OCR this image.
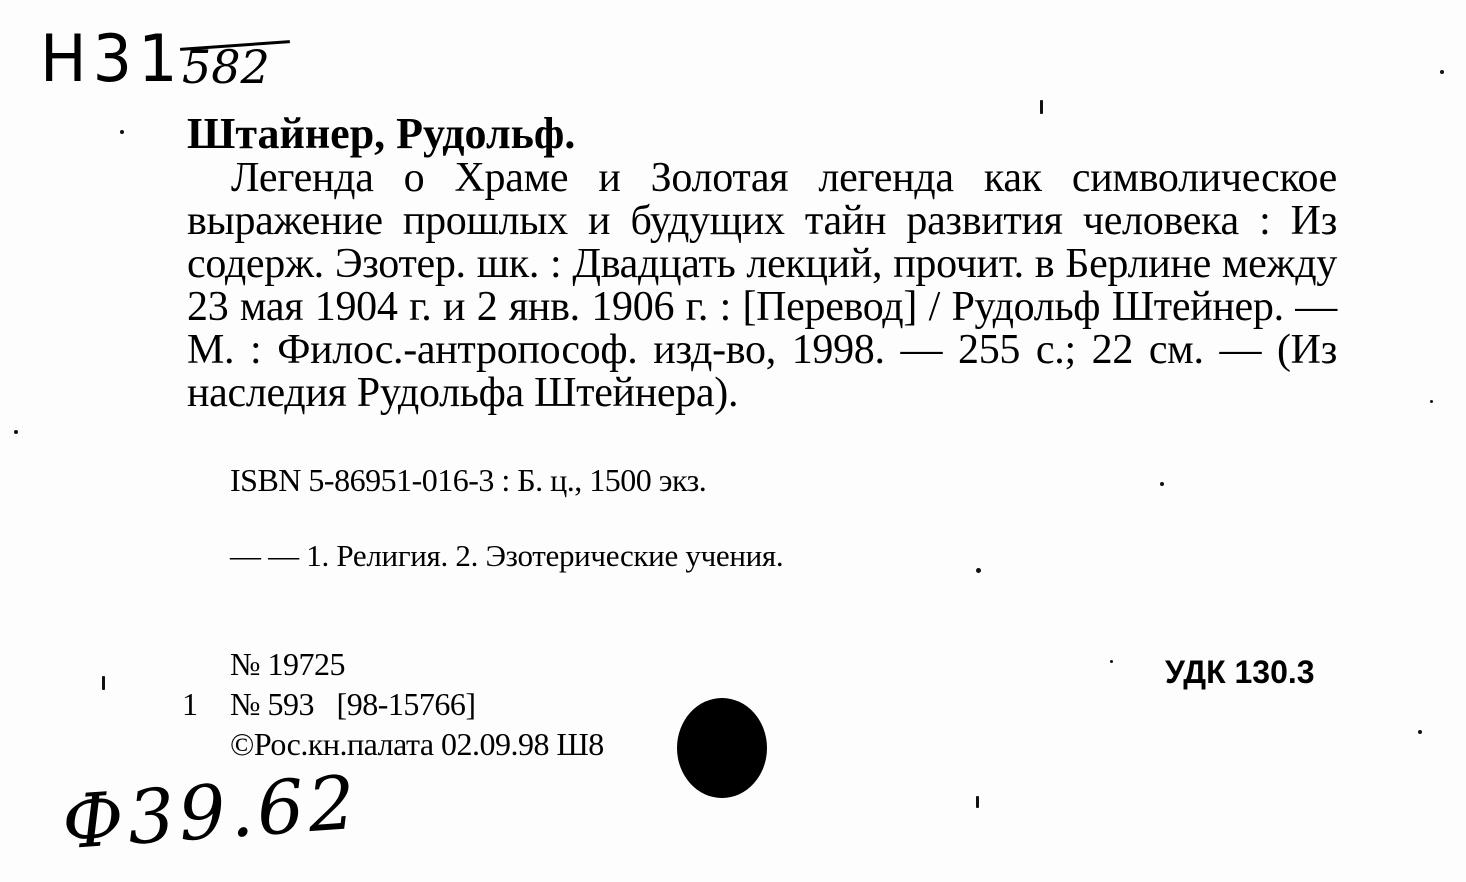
Н31
582
Штайнер, Рудольф.
Легенда о Храме и Золотая легенда как символическое выражение прошлых и будущих тайн развития человека : Из содерж. Эзотер. шк. : Двадцать лекций, прочит. в Берлине между 23 мая 1904 г. и 2 янв. 1906 г. : [Перевод] / Рудольф Штейнер. — М. : Филос.-антропософ. изд-во, 1998. — 255 с.; 22 см. — (Из наследия Рудольфа Штейнера).
ISBN 5-86951-016-3 : Б. ц., 1500 экз.
— — 1. Религия. 2. Эзотерические учения.
№ 19725
1 № 593   [98-15766]
©Рос.кн.палата 02.09.98 Ш8
УДК 130.3
Ф39.62
